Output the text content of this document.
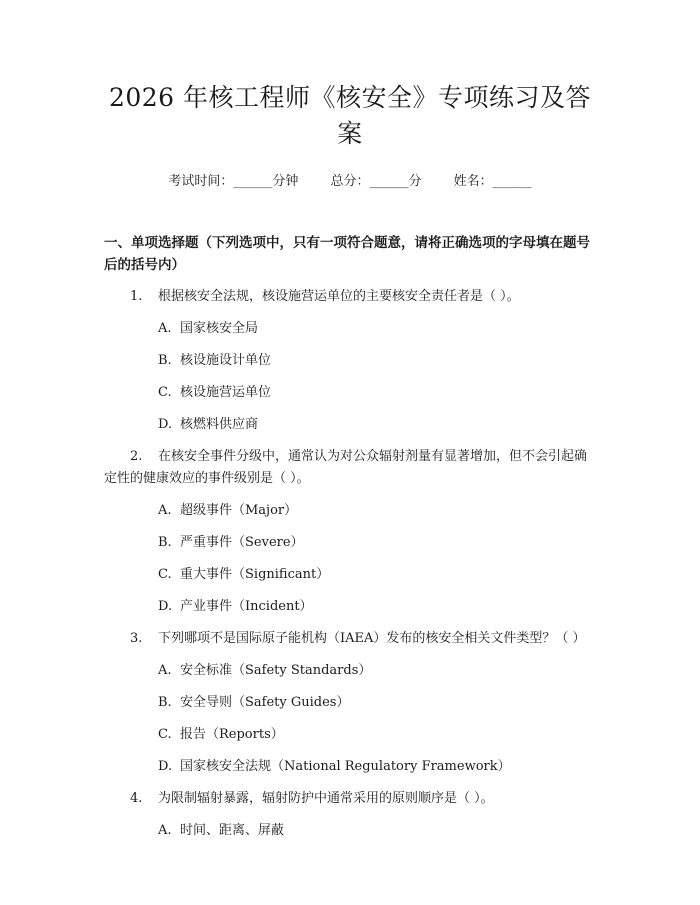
2026 年核工程师《核安全》专项练习及答案
考试时间：______分钟 总分：______分 姓名：______
一、单项选择题（下列选项中，只有一项符合题意，请将正确选项的字母填在题号后的括号内）
1. 根据核安全法规，核设施营运单位的主要核安全责任者是（ ）。
A. 国家核安全局
B. 核设施设计单位
C. 核设施营运单位
D. 核燃料供应商
2. 在核安全事件分级中，通常认为对公众辐射剂量有显著增加，但不会引起确定性的健康效应的事件级别是（ ）。
A. 超级事件（Major）
B. 严重事件（Severe）
C. 重大事件（Significant）
D. 产业事件（Incident）
3. 下列哪项不是国际原子能机构（IAEA）发布的核安全相关文件类型？（ ）
A. 安全标准（Safety Standards）
B. 安全导则（Safety Guides）
C. 报告（Reports）
D. 国家核安全法规（National Regulatory Framework）
4. 为限制辐射暴露，辐射防护中通常采用的原则顺序是（ ）。
A. 时间、距离、屏蔽
